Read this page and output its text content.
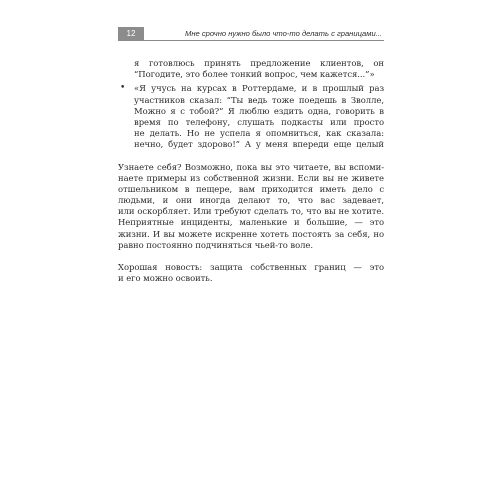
12	Мне срочно нужно было что-то делать с границами...
я готовлюсь принять предложение клиентов, он
“Погодите, это более тонкий вопрос, чем кажется...”»
• «Я учусь на курсах в Роттердаме, и в прошлый раз
участников сказал: “Ты ведь тоже поедешь в Зволле,
Можно я с тобой?” Я люблю ездить одна, говорить в
время по телефону, слушать подкасты или просто
не делать. Но не успела я опомниться, как сказала:
нечно, будет здорово!” А у меня впереди еще целый
Узнаете себя? Возможно, пока вы это читаете, вы вспоми-
наете примеры из собственной жизни. Если вы не живете
отшельником в пещере, вам приходится иметь дело с
людьми, и они иногда делают то, что вас задевает,
или оскорбляет. Или требуют сделать то, что вы не хотите.
Неприятные инциденты, маленькие и большие, — это
жизни. И вы можете искренне хотеть постоять за себя, но
равно постоянно подчиняться чьей-то воле.
Хорошая новость: защита собственных границ — это
и его можно освоить.
